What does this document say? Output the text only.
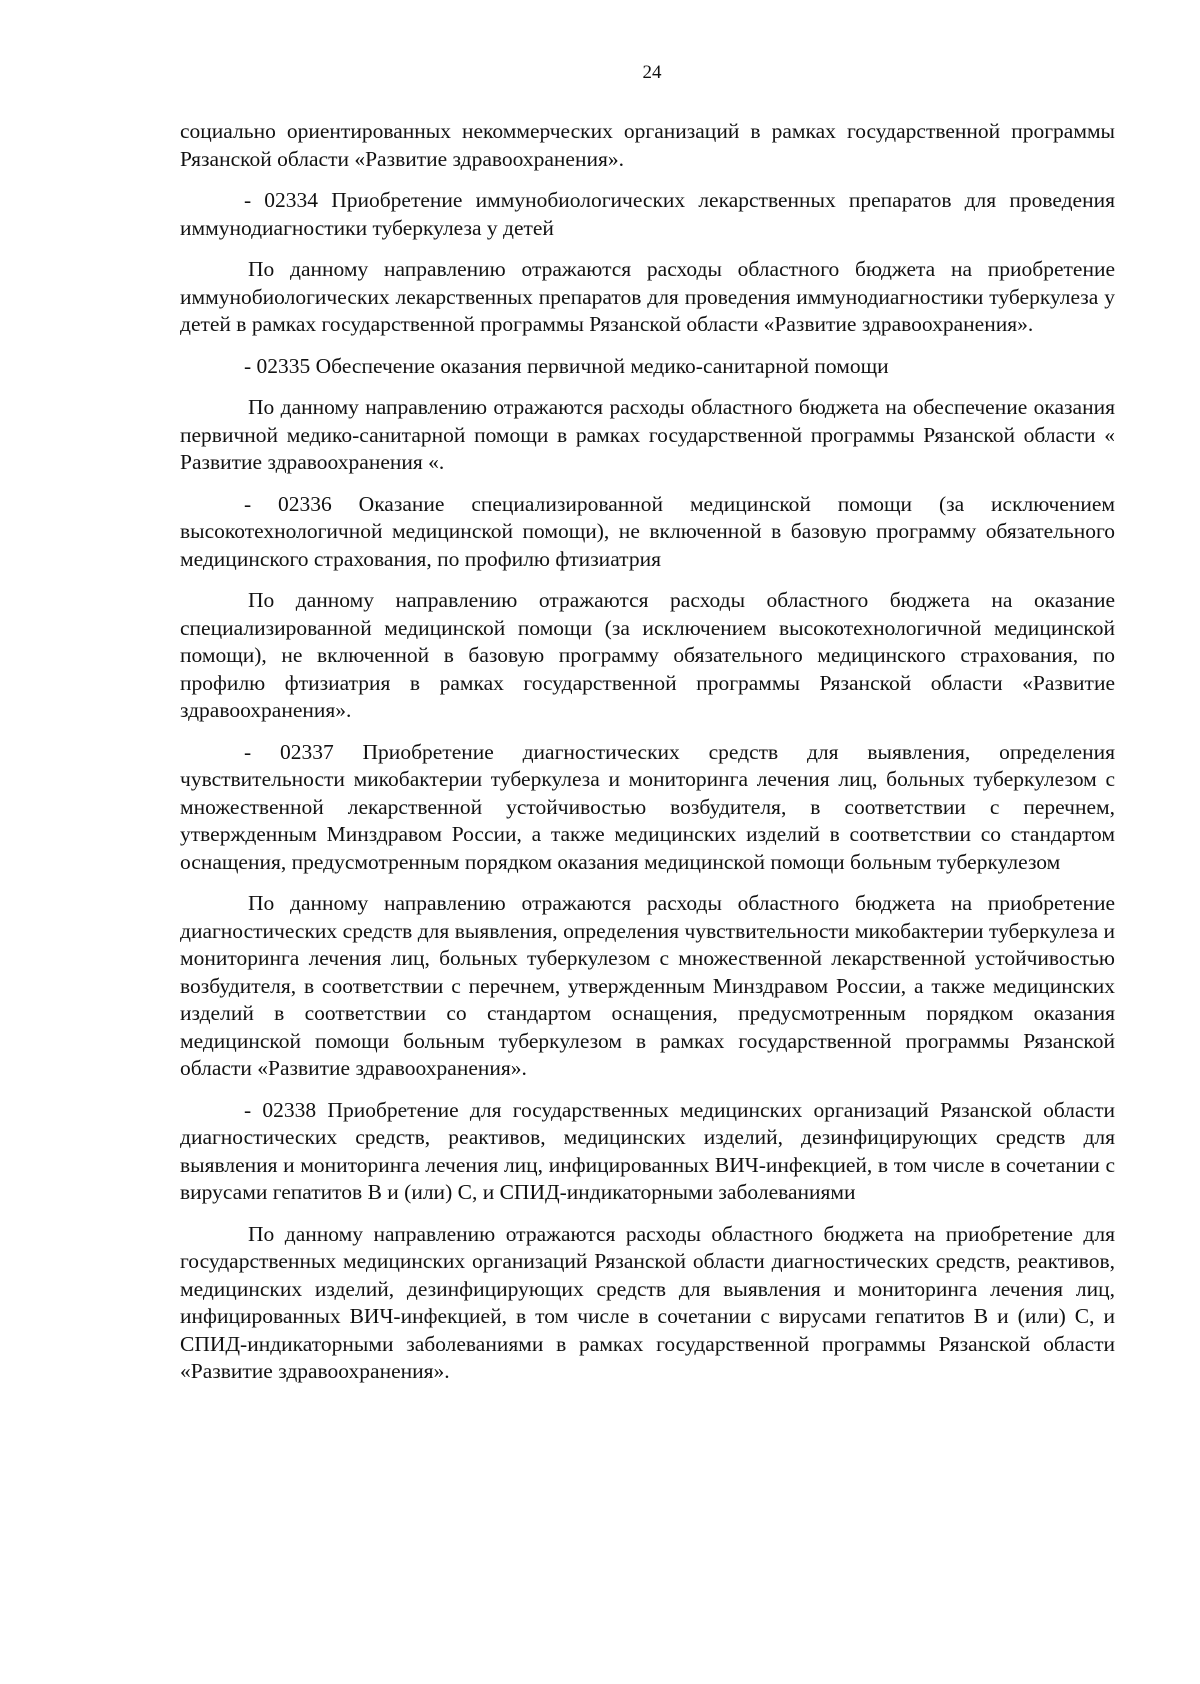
24

социально ориентированных некоммерческих организаций в рамках государственной программы Рязанской области «Развитие здравоохранения».

- 02334 Приобретение иммунобиологических лекарственных препаратов для проведения иммунодиагностики туберкулеза у детей

По данному направлению отражаются расходы областного бюджета на приобретение иммунобиологических лекарственных препаратов для проведения иммунодиагностики туберкулеза у детей в рамках государственной программы Рязанской области «Развитие здравоохранения».

- 02335 Обеспечение оказания первичной медико-санитарной помощи

По данному направлению отражаются расходы областного бюджета на обеспечение оказания первичной медико-санитарной помощи в рамках государственной программы Рязанской области « Развитие здравоохранения «.

- 02336 Оказание специализированной медицинской помощи (за исключением высокотехнологичной медицинской помощи), не включенной в базовую программу обязательного медицинского страхования, по профилю фтизиатрия

По данному направлению отражаются расходы областного бюджета на оказание специализированной медицинской помощи (за исключением высокотехнологичной медицинской помощи), не включенной в базовую программу обязательного медицинского страхования, по профилю фтизиатрия в рамках государственной программы Рязанской области «Развитие здравоохранения».

- 02337 Приобретение диагностических средств для выявления, определения чувствительности микобактерии туберкулеза и мониторинга лечения лиц, больных туберкулезом с множественной лекарственной устойчивостью возбудителя, в соответствии с перечнем, утвержденным Минздравом России, а также медицинских изделий в соответствии со стандартом оснащения, предусмотренным порядком оказания медицинской помощи больным туберкулезом

По данному направлению отражаются расходы областного бюджета на приобретение диагностических средств для выявления, определения чувствительности микобактерии туберкулеза и мониторинга лечения лиц, больных туберкулезом с множественной лекарственной устойчивостью возбудителя, в соответствии с перечнем, утвержденным Минздравом России, а также медицинских изделий в соответствии со стандартом оснащения, предусмотренным порядком оказания медицинской помощи больным туберкулезом в рамках государственной программы Рязанской области «Развитие здравоохранения».

- 02338 Приобретение для государственных медицинских организаций Рязанской области диагностических средств, реактивов, медицинских изделий, дезинфицирующих средств для выявления и мониторинга лечения лиц, инфицированных ВИЧ-инфекцией, в том числе в сочетании с вирусами гепатитов В и (или) С, и СПИД-индикаторными заболеваниями

По данному направлению отражаются расходы областного бюджета на приобретение для государственных медицинских организаций Рязанской области диагностических средств, реактивов, медицинских изделий, дезинфицирующих средств для выявления и мониторинга лечения лиц, инфицированных ВИЧ-инфекцией, в том числе в сочетании с вирусами гепатитов В и (или) С, и СПИД-индикаторными заболеваниями в рамках государственной программы Рязанской области «Развитие здравоохранения».
